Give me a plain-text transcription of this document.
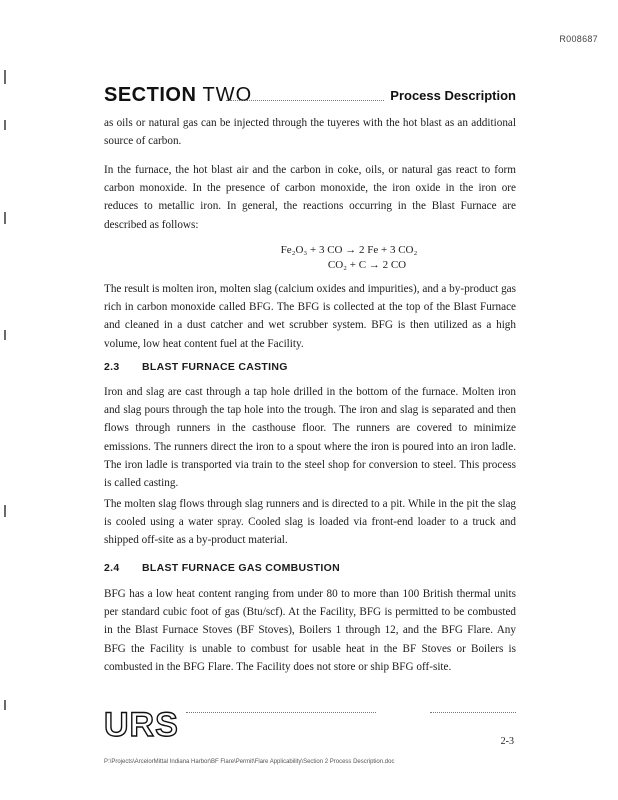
R008687
SECTION TWO	Process Description

as oils or natural gas can be injected through the tuyeres with the hot blast as an additional source of carbon.

In the furnace, the hot blast air and the carbon in coke, oils, or natural gas react to form carbon monoxide. In the presence of carbon monoxide, the iron oxide in the iron ore reduces to metallic iron. In general, the reactions occurring in the Blast Furnace are described as follows:

Fe₂O₃ + 3 CO → 2 Fe + 3 CO₂
CO₂ + C → 2 CO

The result is molten iron, molten slag (calcium oxides and impurities), and a by-product gas rich in carbon monoxide called BFG. The BFG is collected at the top of the Blast Furnace and cleaned in a dust catcher and wet scrubber system. BFG is then utilized as a high volume, low heat content fuel at the Facility.

2.3 BLAST FURNACE CASTING

Iron and slag are cast through a tap hole drilled in the bottom of the furnace. Molten iron and slag pours through the tap hole into the trough. The iron and slag is separated and then flows through runners in the casthouse floor. The runners are covered to minimize emissions. The runners direct the iron to a spout where the iron is poured into an iron ladle. The iron ladle is transported via train to the steel shop for conversion to steel. This process is called casting.

The molten slag flows through slag runners and is directed to a pit. While in the pit the slag is cooled using a water spray. Cooled slag is loaded via front-end loader to a truck and shipped off-site as a by-product material.

2.4 BLAST FURNACE GAS COMBUSTION

BFG has a low heat content ranging from under 80 to more than 100 British thermal units per standard cubic foot of gas (Btu/scf). At the Facility, BFG is permitted to be combusted in the Blast Furnace Stoves (BF Stoves), Boilers 1 through 12, and the BFG Flare. Any BFG the Facility is unable to combust for usable heat in the BF Stoves or Boilers is combusted in the BFG Flare. The Facility does not store or ship BFG off-site.

URS	2-3
P:\Projects\ArcelorMittal Indiana Harbor\BF Flare\Permit\Flare Applicability\Section 2 Process Description.doc
